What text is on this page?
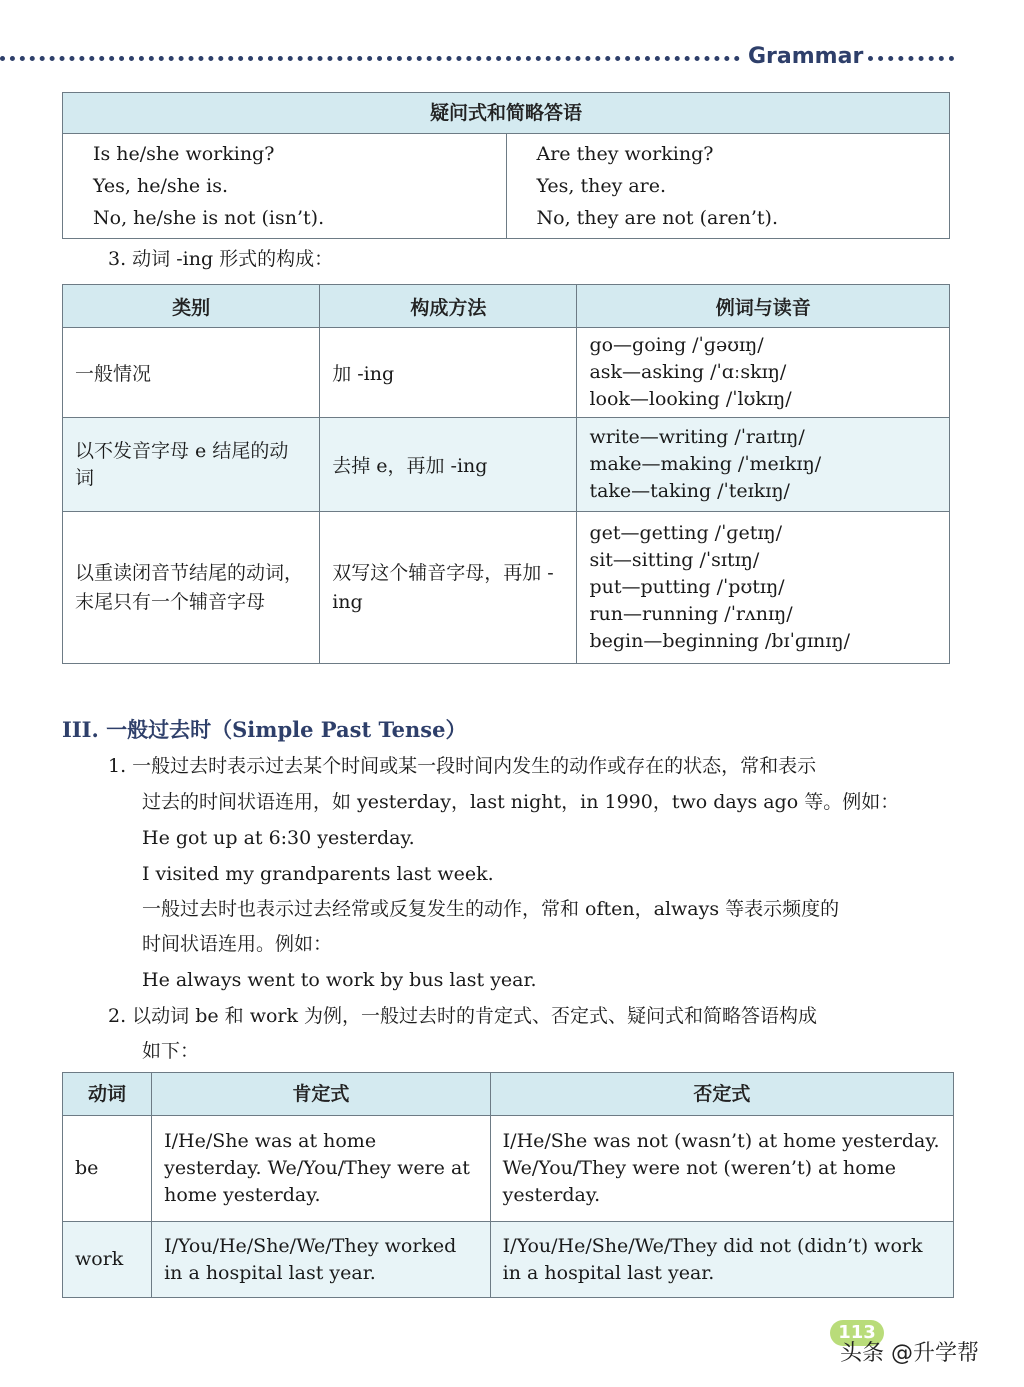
Grammar
疑问式和简略答语

Is he/she working?
Yes, he/she is.
No, he/she is not (isn’t).

Are they working?
Yes, they are.
No, they are not (aren’t).
3. 动词 -ing 形式的构成：
类别	构成方法	例词与读音
一般情况	加 -ing	go—going /ˈɡəʊɪŋ/
ask—asking /ˈɑːskɪŋ/
look—looking /ˈlʊkɪŋ/

以不发音字母 e 结尾的动词	去掉 e，再加 -ing	write—writing /ˈraɪtɪŋ/
make—making /ˈmeɪkɪŋ/
take—taking /ˈteɪkɪŋ/

以重读闭音节结尾的动词，末尾只有一个辅音字母	双写这个辅音字母，再加 -ing	get—getting /ˈɡetɪŋ/
sit—sitting /ˈsɪtɪŋ/
put—putting /ˈpʊtɪŋ/
run—running /ˈrʌnɪŋ/
begin—beginning /bɪˈɡɪnɪŋ/
III. 一般过去时（Simple Past Tense）
1. 一般过去时表示过去某个时间或某一段时间内发生的动作或存在的状态，常和表示
过去的时间状语连用，如 yesterday，last night，in 1990，two days ago 等。例如：
He got up at 6:30 yesterday.
I visited my grandparents last week.
一般过去时也表示过去经常或反复发生的动作，常和 often，always 等表示频度的
时间状语连用。例如：
He always went to work by bus last year.
2. 以动词 be 和 work 为例，一般过去时的肯定式、否定式、疑问式和简略答语构成
如下：
动词	肯定式	否定式
be	I/He/She was at home yesterday. We/You/They were at home yesterday.	I/He/She was not (wasn’t) at home yesterday. We/You/They were not (weren’t) at home yesterday.
work	I/You/He/She/We/They worked in a hospital last year.	I/You/He/She/We/They did not (didn’t) work in a hospital last year.
113
头条 @升学帮
